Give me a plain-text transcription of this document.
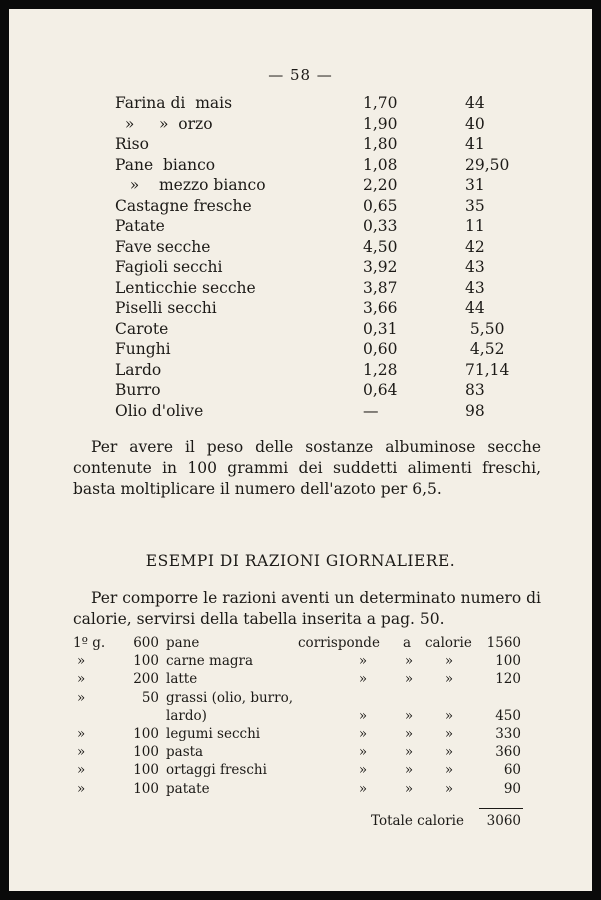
— 58 —
Farina di  mais	1,70	44
»     »  orzo	1,90	40
Riso	1,80	41
Pane  bianco	1,08	29,50
»    mezzo bianco	2,20	31
Castagne fresche	0,65	35
Patate	0,33	11
Fave secche	4,50	42
Fagioli secchi	3,92	43
Lenticchie secche	3,87	43
Piselli secchi	3,66	44
Carote	0,31	5,50
Funghi	0,60	4,52
Lardo	1,28	71,14
Burro	0,64	83
Olio d'olive	—	98
Per avere il peso delle sostanze albuminose secche contenute in 100 grammi dei suddetti alimenti freschi, basta moltiplicare il numero dell'azoto per 6,5.
ESEMPI DI RAZIONI GIORNALIERE.
Per comporre le razioni aventi un determinato numero di calorie, servirsi della tabella inserita a pag. 50.
1º g.	600 pane	corrisponde a calorie	1560
»	100 carne magra	»	»	»	100
»	200 latte	»	»	»	120
»	50 grassi (olio, burro,
lardo)	»	»	»	450
»	100 legumi secchi	»	»	»	330
»	100 pasta	»	»	»	360
»	100 ortaggi freschi	»	»	»	60
»	100 patate	»	»	»	90
Totale calorie	3060
